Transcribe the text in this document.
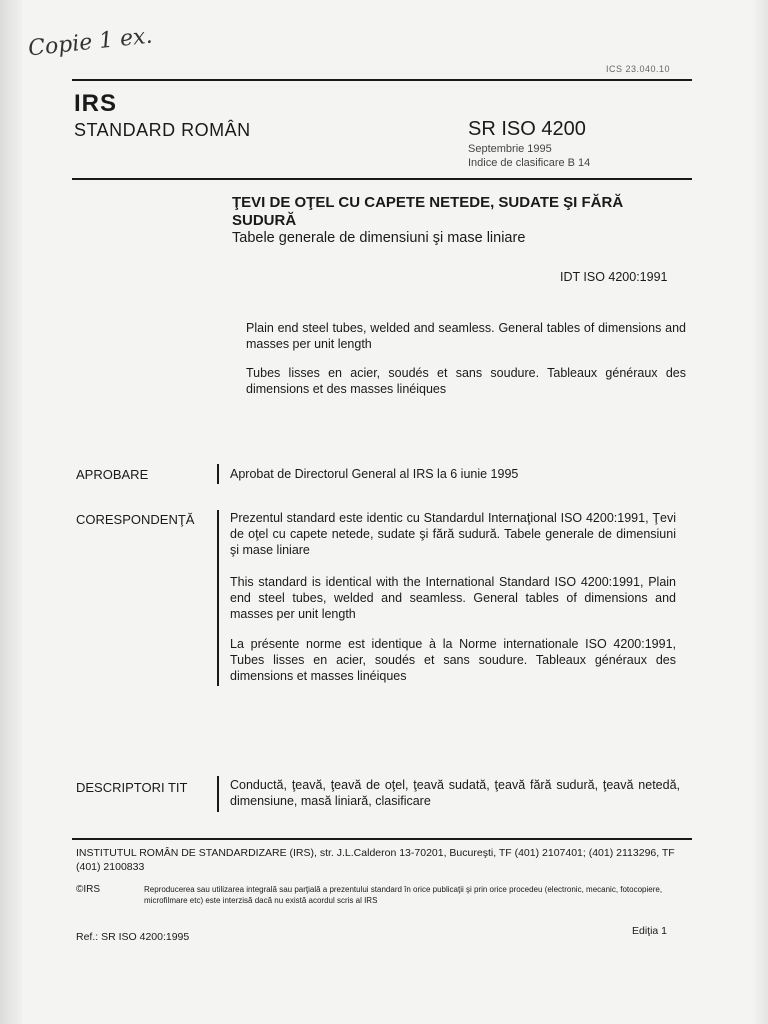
Copie 1 ex.
ICS 23.040.10
IRS
STANDARD ROMÂN	SR ISO 4200
Septembrie 1995
Indice de clasificare B 14
ŢEVI DE OŢEL CU CAPETE NETEDE, SUDATE ŞI FĂRĂ
SUDURĂ
Tabele generale de dimensiuni şi mase liniare
IDT ISO 4200:1991
Plain end steel tubes, welded and seamless. General tables of dimensions and masses per unit length
Tubes lisses en acier, soudés et sans soudure. Tableaux généraux des dimensions et des masses linéiques
APROBARE	Aprobat de Directorul General al IRS la 6 iunie 1995
CORESPONDENŢĂ	Prezentul standard este identic cu Standardul Internaţional ISO 4200:1991, Ţevi de oţel cu capete netede, sudate şi fără sudură. Tabele generale de dimensiuni şi mase liniare
This standard is identical with the International Standard ISO 4200:1991, Plain end steel tubes, welded and seamless. General tables of dimensions and masses per unit length
La présente norme est identique à la Norme internationale ISO 4200:1991, Tubes lisses en acier, soudés et sans soudure. Tableaux généraux des dimensions et masses linéiques
DESCRIPTORI TIT	Conductă, ţeavă, ţeavă de oţel, ţeavă sudată, ţeavă fără sudură, ţeavă netedă, dimensiune, masă liniară, clasificare
INSTITUTUL ROMÂN DE STANDARDIZARE (IRS), str. J.L.Calderon 13-70201, Bucureşti, TF (401) 2107401; (401) 2113296, TF (401) 2100833
©IRS	Reproducerea sau utilizarea integrală sau parţială a prezentului standard în orice publicaţii şi prin orice procedeu (electronic, mecanic, fotocopiere, microfilmare etc) este interzisă dacă nu există acordul scris al IRS
Ref.: SR ISO 4200:1995	Ediţia 1
